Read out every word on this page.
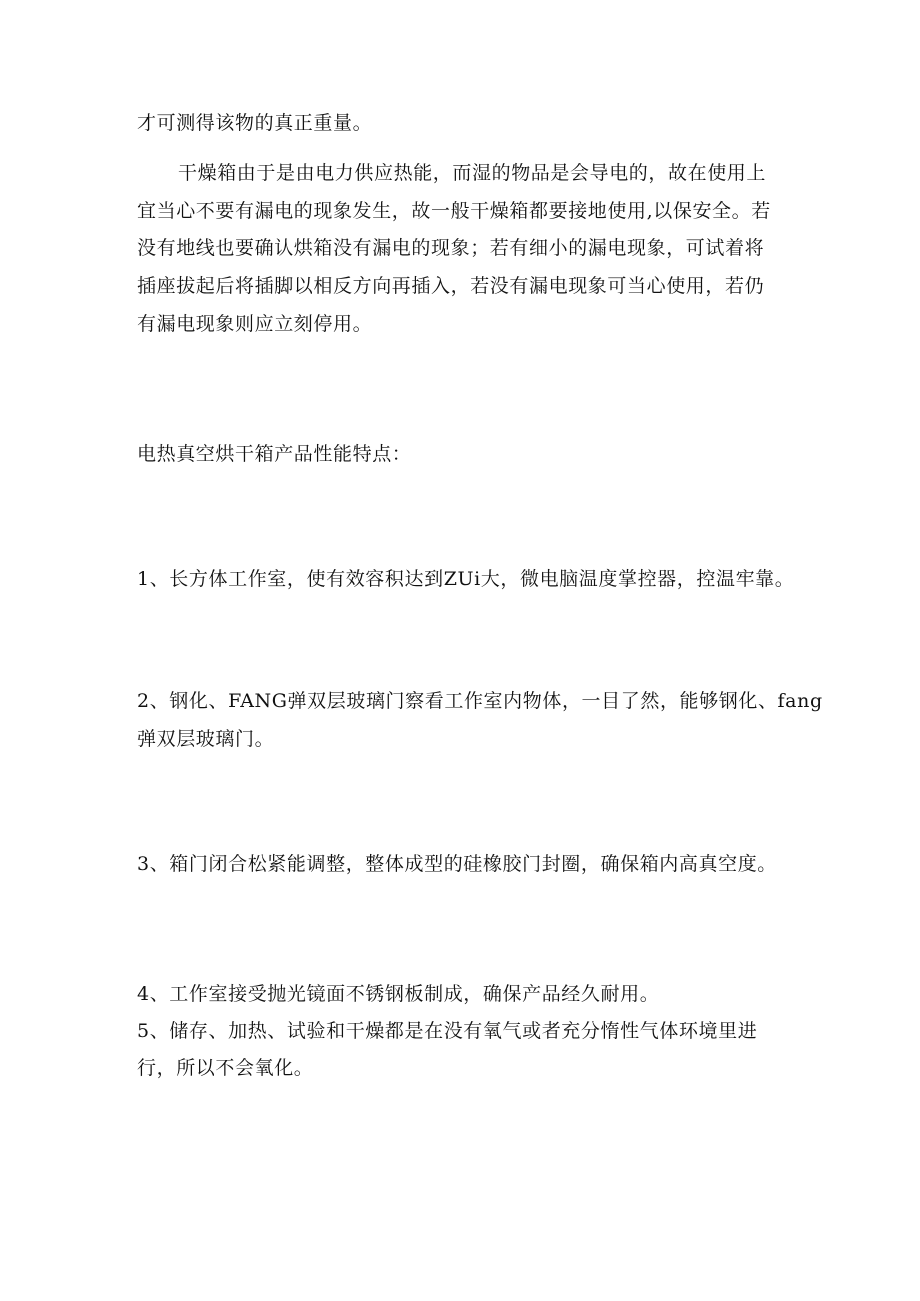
才可测得该物的真正重量。
干燥箱由于是由电力供应热能，而湿的物品是会导电的，故在使用上
宜当心不要有漏电的现象发生，故一般干燥箱都要接地使用,以保安全。若
没有地线也要确认烘箱没有漏电的现象；若有细小的漏电现象，可试着将
插座拔起后将插脚以相反方向再插入，若没有漏电现象可当心使用，若仍
有漏电现象则应立刻停用。
电热真空烘干箱产品性能特点：
1、长方体工作室，使有效容积达到ZUi大，微电脑温度掌控器，控温牢靠。
2、钢化、FANG弹双层玻璃门察看工作室内物体，一目了然，能够钢化、fang
弹双层玻璃门。
3、箱门闭合松紧能调整，整体成型的硅橡胶门封圈，确保箱内高真空度。
4、工作室接受抛光镜面不锈钢板制成，确保产品经久耐用。
5、储存、加热、试验和干燥都是在没有氧气或者充分惰性气体环境里进
行，所以不会氧化。
